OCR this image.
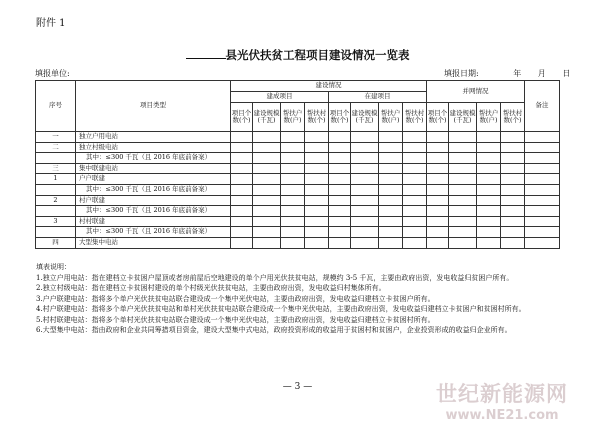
附件 1
县光伏扶贫工程项目建设情况一览表
填报单位:	填报日期:	年 月 日
序号	项目类型	建设情况								并网情况				备注
		建成项目				在建项目								
		项目个数(个)	建设规模(千瓦)	帮扶户数(户)	帮扶村数(个)	项目个数(个)	建设规模(千瓦)	帮扶户数(户)	帮扶村数(个)	项目个数(个)	建设规模(千瓦)	帮扶户数(户)	帮扶村数(个)	
一	独立户用电站													
二	独立村级电站													
	其中：≤300 千瓦（且 2016 年底前备案）													
三	集中联建电站													
1	户户联建													
	其中：≤300 千瓦（且 2016 年底前备案）													
2	村户联建													
	其中：≤300 千瓦（且 2016 年底前备案）													
3	村村联建													
	其中：≤300 千瓦（且 2016 年底前备案）													
四	大型集中电站													

填表说明：

1.独立户用电站：指在建档立卡贫困户屋顶或者房前屋后空地建设的单个户用光伏扶贫电站，规模约 3-5 千瓦，主要由政府出资，发电收益归贫困户所有。

2.独立村级电站：指在建档立卡贫困村建设的单个村级光伏扶贫电站，主要由政府出资，发电收益归村集体所有。

3.户户联建电站：指将多个单户光伏扶贫电站联合建设成一个集中光伏电站，主要由政府出资，发电收益归建档立卡贫困户所有。

4.村户联建电站：指将多个单户光伏扶贫电站和单村光伏扶贫电站联合建设成一个集中光伏电站，主要由政府出资，发电收益归建档立卡贫困户和贫困村所有。

5.村村联建电站：指将多个单村光伏扶贫电站联合建设成一个集中光伏电站，主要由政府出资，发电收益归建档立卡贫困村所有。

6.大型集中电站：指由政府和企业共同筹措项目资金，建设大型集中式电站，政府投资形成的收益用于贫困村和贫困户，企业投资形成的收益归企业所有。

— 3 —	世纪新能源网
www.NE21.com
